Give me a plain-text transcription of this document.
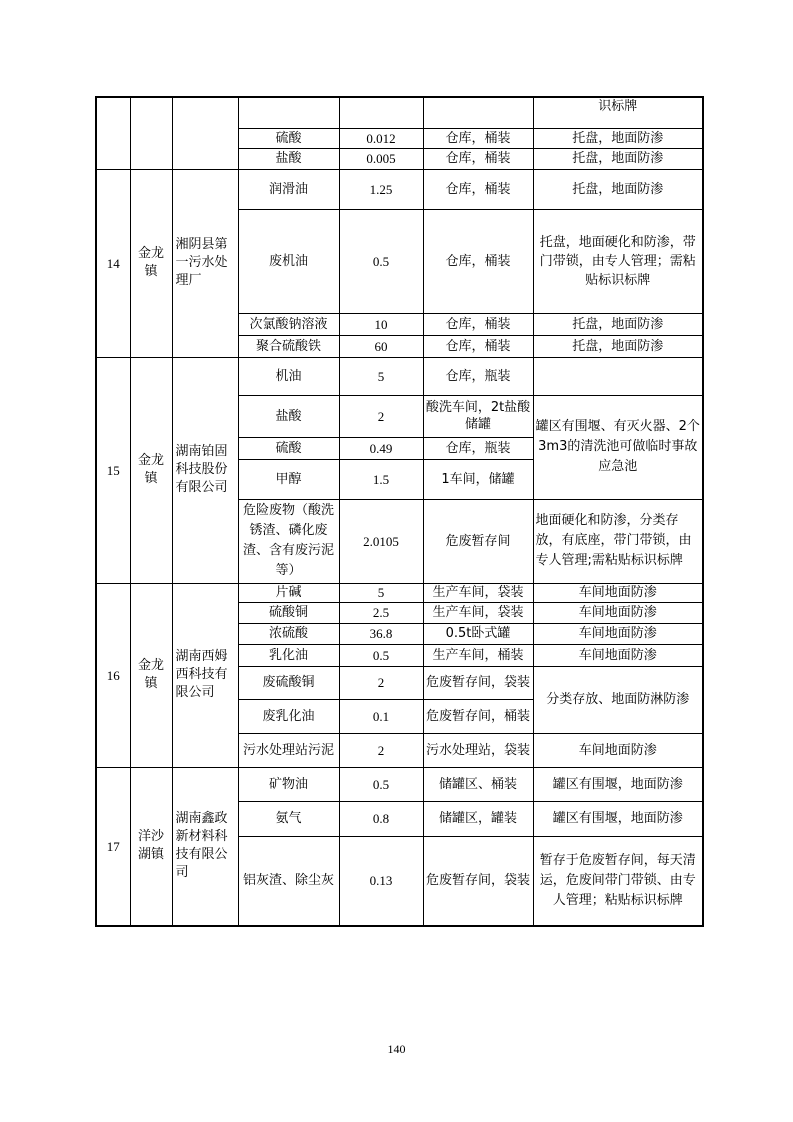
						识标牌
			硫酸	0.012	仓库，桶装	托盘，地面防渗
			盐酸	0.005	仓库，桶装	托盘，地面防渗
14	金龙镇	湘阴县第一污水处理厂	润滑油	1.25	仓库，桶装	托盘，地面防渗
			废机油	0.5	仓库，桶装	托盘，地面硬化和防渗，带门带锁，由专人管理；需粘贴标识标牌
			次氯酸钠溶液	10	仓库，桶装	托盘，地面防渗
			聚合硫酸铁	60	仓库，桶装	托盘，地面防渗
15	金龙镇	湖南铂固科技股份有限公司	机油	5	仓库，瓶装	
			盐酸	2	酸洗车间，2t盐酸储罐	罐区有围堰、有灭火器、2个3m3的清洗池可做临时事故应急池
			硫酸	0.49	仓库，瓶装	
			甲醇	1.5	1车间，储罐	
			危险废物（酸洗锈渣、磷化废渣、含有废污泥等）	2.0105	危废暂存间	地面硬化和防渗，分类存放，有底座，带门带锁，由专人管理;需粘贴标识标牌
16	金龙镇	湖南西姆西科技有限公司	片碱	5	生产车间，袋装	车间地面防渗
			硫酸铜	2.5	生产车间，袋装	车间地面防渗
			浓硫酸	36.8	0.5t卧式罐	车间地面防渗
			乳化油	0.5	生产车间，桶装	车间地面防渗
			废硫酸铜	2	危废暂存间，袋装	分类存放、地面防淋防渗
			废乳化油	0.1	危废暂存间，桶装	
			污水处理站污泥	2	污水处理站，袋装	车间地面防渗
17	洋沙湖镇	湖南鑫政新材料科技有限公司	矿物油	0.5	储罐区、桶装	罐区有围堰，地面防渗
			氨气	0.8	储罐区，罐装	罐区有围堰，地面防渗
			铝灰渣、除尘灰	0.13	危废暂存间，袋装	暂存于危废暂存间，每天清运，危废间带门带锁、由专人管理；粘贴标识标牌
140
